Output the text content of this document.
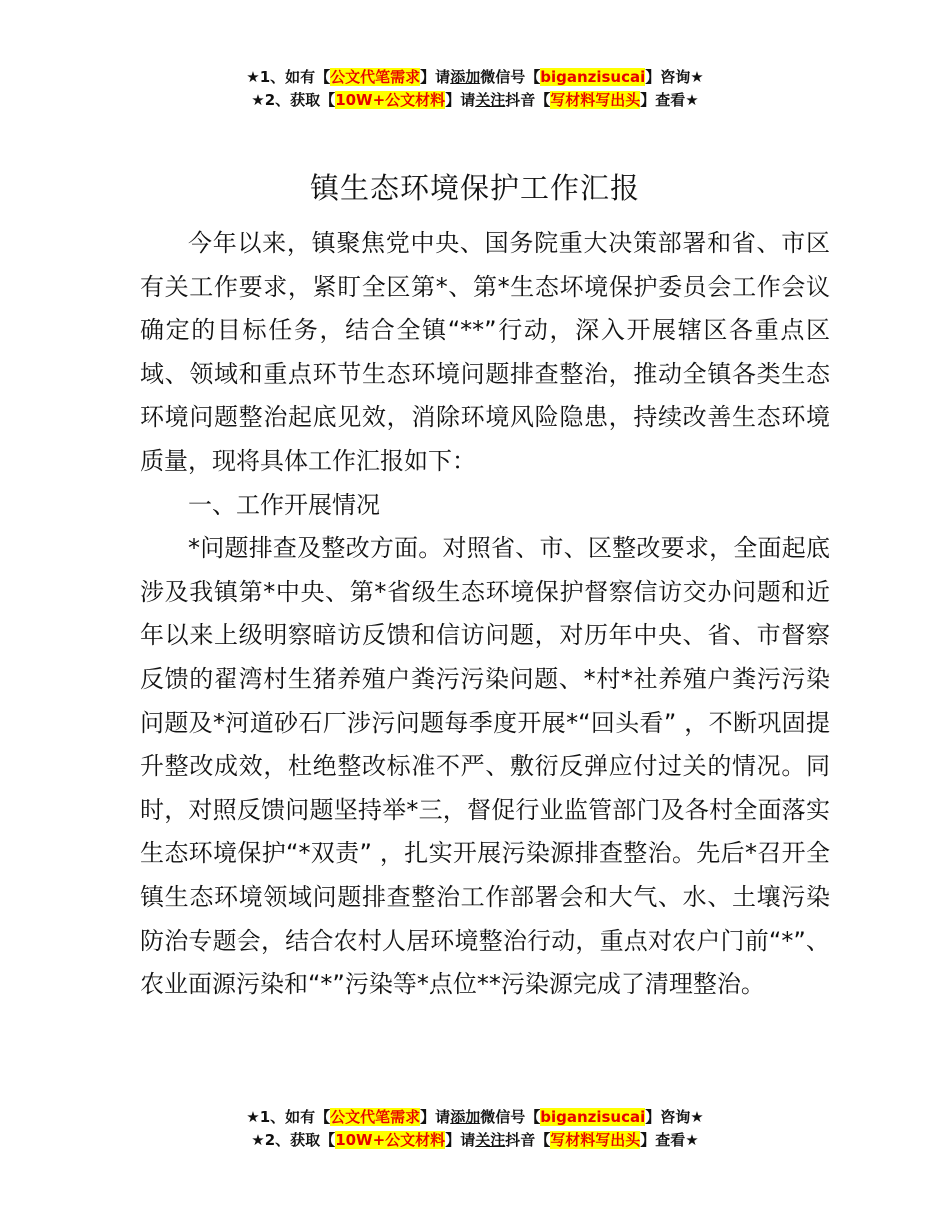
★1、如有【公文代笔需求】请添加微信号【biganzisucai】咨询★
★2、获取【10W+公文材料】请关注抖音【写材料写出头】查看★
镇生态环境保护工作汇报

今年以来，镇聚焦党中央、国务院重大决策部署和省、市区有关工作要求，紧盯全区第*、第*生态坏境保护委员会工作会议确定的目标任务，结合全镇“**”行动，深入开展辖区各重点区域、领域和重点环节生态环境问题排查整治，推动全镇各类生态环境问题整治起底见效，消除环境风险隐患，持续改善生态环境质量，现将具体工作汇报如下：

一、工作开展情况

*问题排查及整改方面。对照省、市、区整改要求，全面起底涉及我镇第*中央、第*省级生态环境保护督察信访交办问题和近年以来上级明察暗访反馈和信访问题，对历年中央、省、市督察反馈的翟湾村生猪养殖户粪污污染问题、*村*社养殖户粪污污染问题及*河道砂石厂涉污问题每季度开展*“回头看” ，不断巩固提升整改成效，杜绝整改标准不严、敷衍反弹应付过关的情况。同时，对照反馈问题坚持举*三，督促行业监管部门及各村全面落实生态环境保护“*双责” ，扎实开展污染源排查整治。先后*召开全镇生态环境领域问题排查整治工作部署会和大气、水、土壤污染防治专题会，结合农村人居环境整治行动，重点对农户门前“*”、农业面源污染和“*”污染等*点位**污染源完成了清理整治。

★1、如有【公文代笔需求】请添加微信号【biganzisucai】咨询★
★2、获取【10W+公文材料】请关注抖音【写材料写出头】查看★
